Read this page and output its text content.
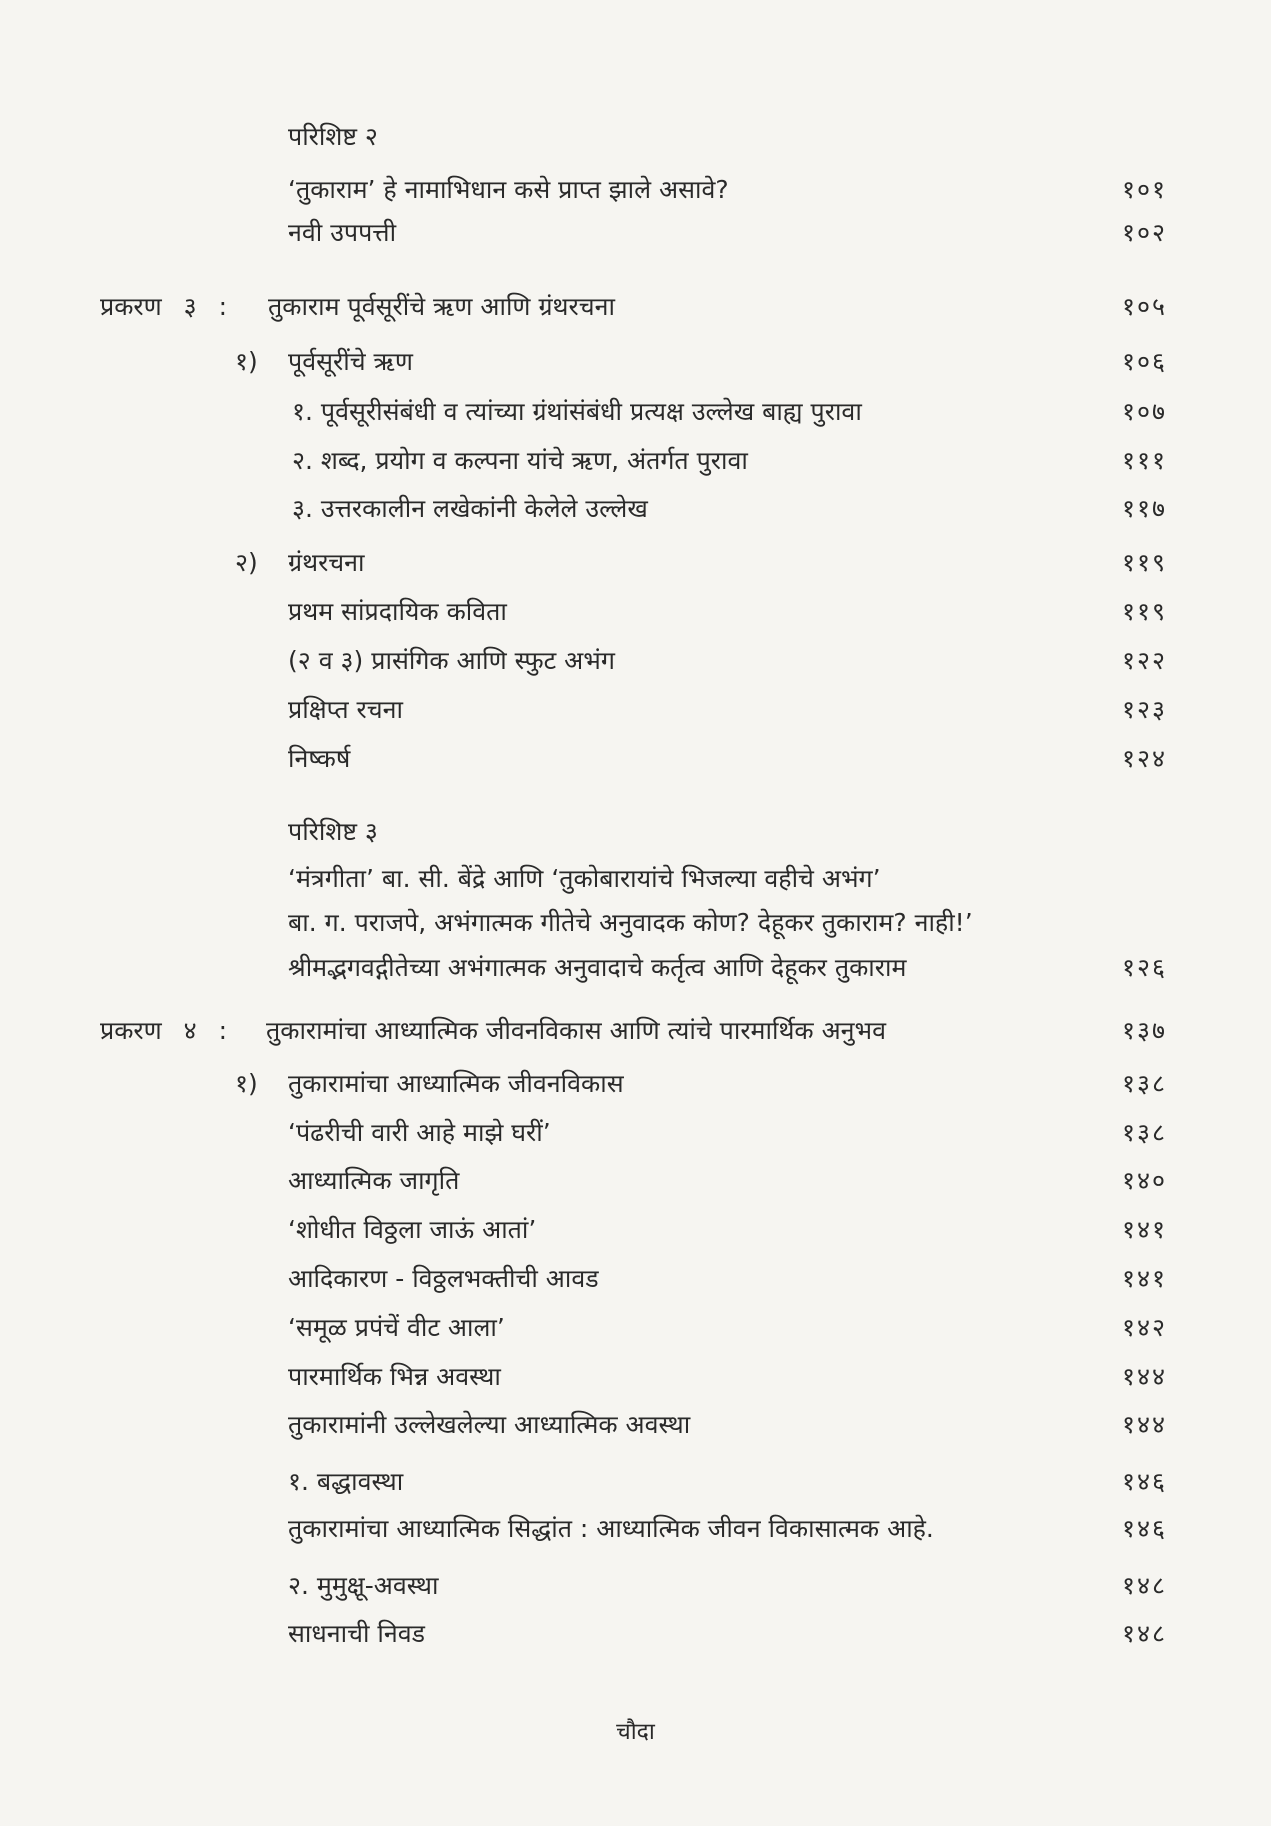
परिशिष्ट २
‘तुकाराम’ हे नामाभिधान कसे प्राप्त झाले असावे?	१०१
नवी उपपत्ती	१०२
प्रकरण ३ : तुकाराम पूर्वसूरींचे ऋण आणि ग्रंथरचना	१०५
१) पूर्वसूरींचे ऋण	१०६
१. पूर्वसूरीसंबंधी व त्यांच्या ग्रंथांसंबंधी प्रत्यक्ष उल्लेख बाह्य पुरावा	१०७
२. शब्द, प्रयोग व कल्पना यांचे ऋण, अंतर्गत पुरावा	१११
३. उत्तरकालीन लखेकांनी केलेले उल्लेख	११७
२) ग्रंथरचना	११९
प्रथम सांप्रदायिक कविता	११९
(२ व ३) प्रासंगिक आणि स्फुट अभंग	१२२
प्रक्षिप्त रचना	१२३
निष्कर्ष	१२४
परिशिष्ट ३
‘मंत्रगीता’ बा. सी. बेंद्रे आणि ‘तुकोबारायांचे भिजल्या वहीचे अभंग’
बा. ग. पराजपे, अभंगात्मक गीतेचे अनुवादक कोण? देहूकर तुकाराम? नाही!’
श्रीमद्भगवद्गीतेच्या अभंगात्मक अनुवादाचे कर्तृत्व आणि देहूकर तुकाराम	१२६
प्रकरण ४ : तुकारामांचा आध्यात्मिक जीवनविकास आणि त्यांचे पारमार्थिक अनुभव	१३७
१) तुकारामांचा आध्यात्मिक जीवनविकास	१३८
‘पंढरीची वारी आहे माझे घरीं’	१३८
आध्यात्मिक जागृति	१४०
‘शोधीत विठ्ठला जाऊं आतां’	१४१
आदिकारण - विठ्ठलभक्तीची आवड	१४१
‘समूळ प्रपंचें वीट आला’	१४२
पारमार्थिक भिन्न अवस्था	१४४
तुकारामांनी उल्लेखलेल्या आध्यात्मिक अवस्था	१४४
१. बद्धावस्था	१४६
तुकारामांचा आध्यात्मिक सिद्धांत : आध्यात्मिक जीवन विकासात्मक आहे.	१४६
२. मुमुक्षू-अवस्था	१४८
साधनाची निवड	१४८
चौदा
